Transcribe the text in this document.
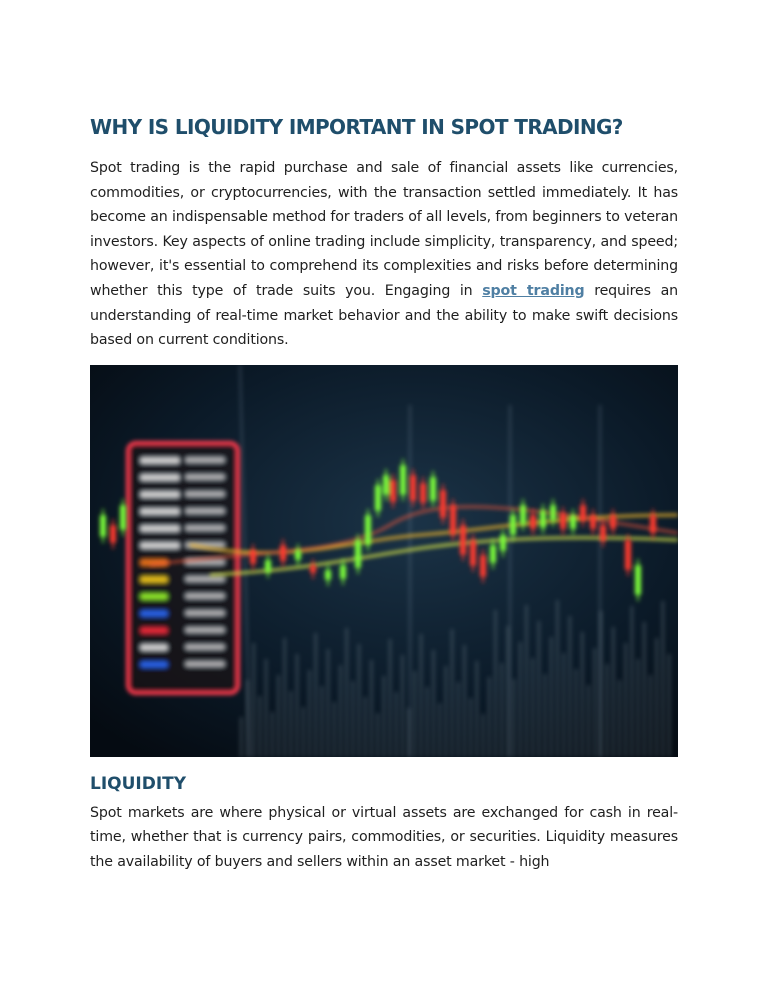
WHY IS LIQUIDITY IMPORTANT IN SPOT TRADING?

Spot trading is the rapid purchase and sale of financial assets like currencies, commodities, or cryptocurrencies, with the transaction settled immediately. It has become an indispensable method for traders of all levels, from beginners to veteran investors. Key aspects of online trading include simplicity, transparency, and speed; however, it's essential to comprehend its complexities and risks before determining whether this type of trade suits you. Engaging in spot trading requires an understanding of real-time market behavior and the ability to make swift decisions based on current conditions.

LIQUIDITY

Spot markets are where physical or virtual assets are exchanged for cash in real-time, whether that is currency pairs, commodities, or securities. Liquidity measures the availability of buyers and sellers within an asset market - high
